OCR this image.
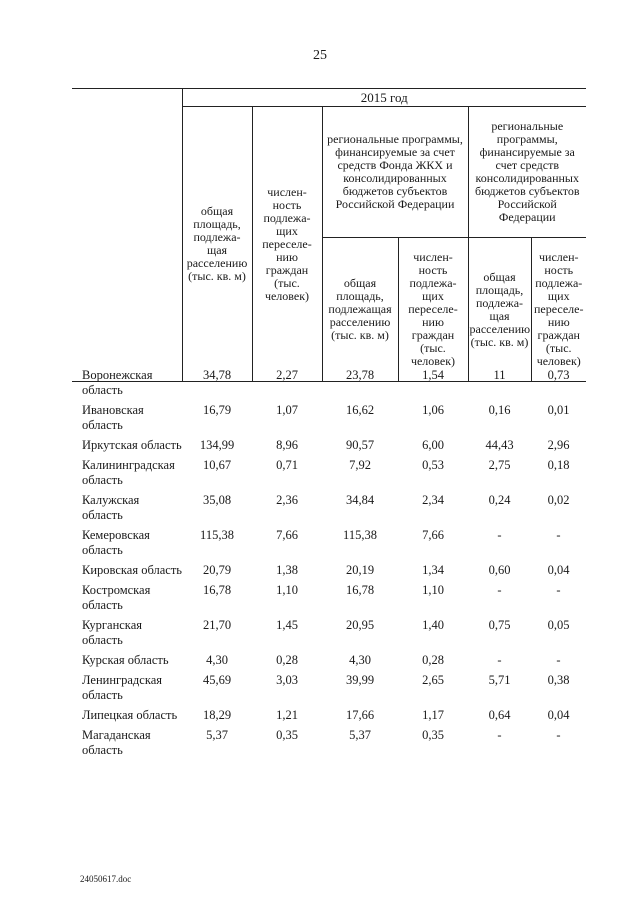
25
	2015 год					
	общая площадь, подлежа-щая расселению (тыс. кв. м)	числен-ность подлежа-щих переселе-нию граждан (тыс. человек)	региональные программы, финансируемые за счет средств Фонда ЖКХ и консолидированных бюджетов субъектов Российской Федерации		региональные программы, финансируемые за счет средств консолидированных бюджетов субъектов Российской Федерации	
			общая площадь, подлежащая расселению (тыс. кв. м)	числен-ность подлежа-щих переселе-нию граждан (тыс. человек)	общая площадь, подлежа-щая расселению (тыс. кв. м)	числен-ность подлежа-щих переселе-нию граждан (тыс. человек)
Воронежская область	34,78	2,27	23,78	1,54	11	0,73
Ивановская область	16,79	1,07	16,62	1,06	0,16	0,01
Иркутская область	134,99	8,96	90,57	6,00	44,43	2,96
Калининградская область	10,67	0,71	7,92	0,53	2,75	0,18
Калужская область	35,08	2,36	34,84	2,34	0,24	0,02
Кемеровская область	115,38	7,66	115,38	7,66	-	-
Кировская область	20,79	1,38	20,19	1,34	0,60	0,04
Костромская область	16,78	1,10	16,78	1,10	-	-
Курганская область	21,70	1,45	20,95	1,40	0,75	0,05
Курская область	4,30	0,28	4,30	0,28	-	-
Ленинградская область	45,69	3,03	39,99	2,65	5,71	0,38
Липецкая область	18,29	1,21	17,66	1,17	0,64	0,04
Магаданская область	5,37	0,35	5,37	0,35	-	-
24050617.doc
